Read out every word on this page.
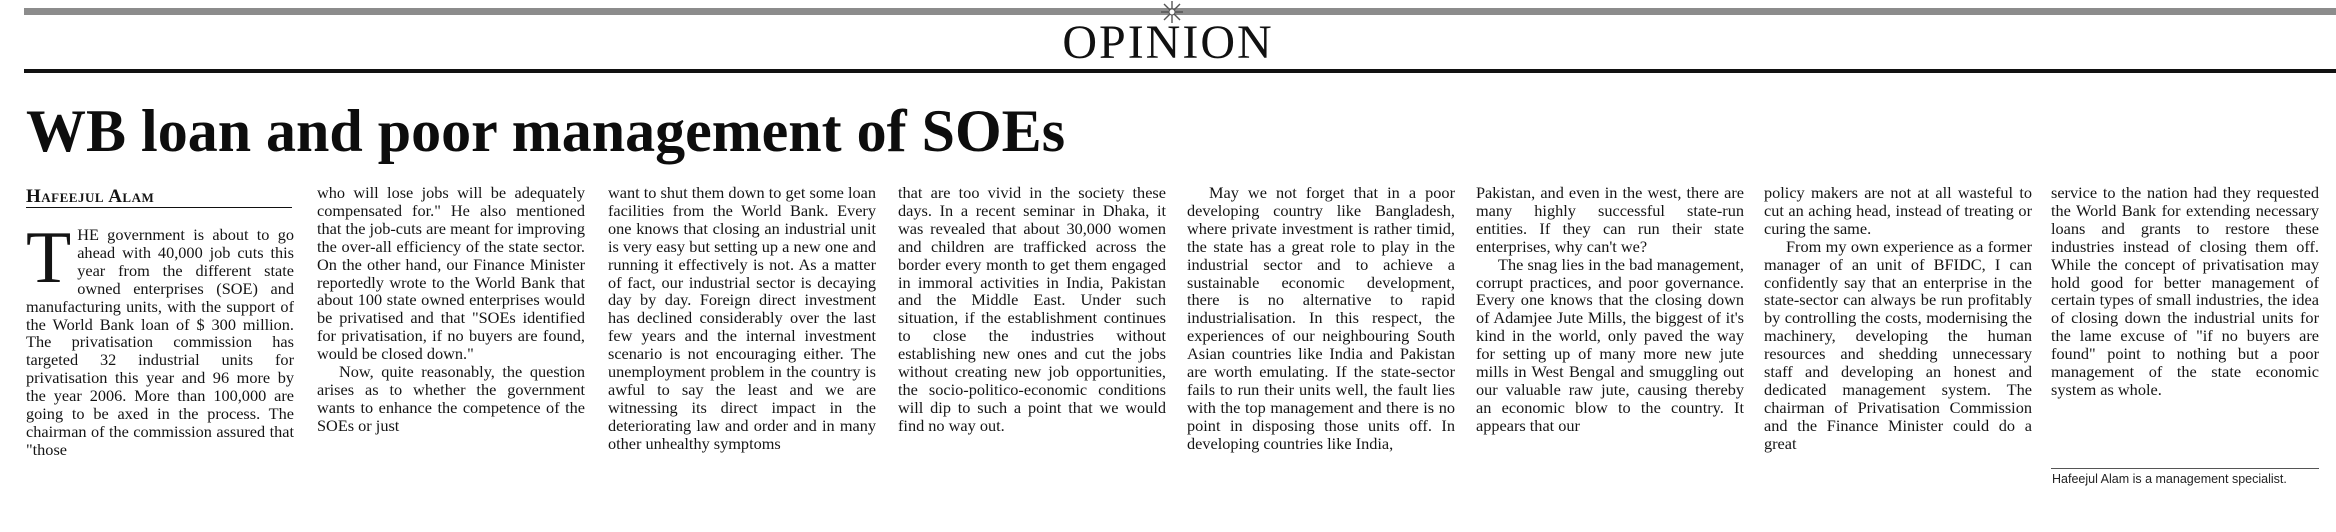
OPINION
WB loan and poor management of SOEs
Hafeejul Alam
T HE government is about to go ahead with 40,000 job cuts this year from the different state owned enterprises (SOE) and manufacturing units, with the support of the World Bank loan of $ 300 million. The privatisation commission has targeted 32 industrial units for privatisation this year and 96 more by the year 2006. More than 100,000 are going to be axed in the process. The chairman of the commission assured that "those

who will lose jobs will be adequately compensated for." He also mentioned that the job-cuts are meant for improving the over-all efficiency of the state sector. On the other hand, our Finance Minister reportedly wrote to the World Bank that about 100 state owned enterprises would be privatised and that "SOEs identified for privatisation, if no buyers are found, would be closed down."

Now, quite reasonably, the question arises as to whether the government wants to enhance the competence of the SOEs or just

want to shut them down to get some loan facilities from the World Bank. Every one knows that closing an industrial unit is very easy but setting up a new one and running it effectively is not. As a matter of fact, our industrial sector is decaying day by day. Foreign direct investment has declined considerably over the last few years and the internal investment scenario is not encouraging either. The unemployment problem in the country is awful to say the least and we are witnessing its direct impact in the deteriorating law and order and in many other unhealthy symptoms

that are too vivid in the society these days. In a recent seminar in Dhaka, it was revealed that about 30,000 women and children are trafficked across the border every month to get them engaged in immoral activities in India, Pakistan and the Middle East. Under such situation, if the establishment continues to close the industries without establishing new ones and cut the jobs without creating new job opportunities, the socio-politico-economic conditions will dip to such a point that we would find no way out.

May we not forget that in a poor developing country like Bangladesh, where private investment is rather timid, the state has a great role to play in the industrial sector and to achieve a sustainable economic development, there is no alternative to rapid industrialisation. In this respect, the experiences of our neighbouring South Asian countries like India and Pakistan are worth emulating. If the state-sector fails to run their units well, the fault lies with the top management and there is no point in disposing those units off. In developing countries like India,

Pakistan, and even in the west, there are many highly successful state-run entities. If they can run their state enterprises, why can't we?

The snag lies in the bad management, corrupt practices, and poor governance. Every one knows that the closing down of Adamjee Jute Mills, the biggest of it's kind in the world, only paved the way for setting up of many more new jute mills in West Bengal and smuggling out our valuable raw jute, causing thereby an economic blow to the country. It appears that our

policy makers are not at all wasteful to cut an aching head, instead of treating or curing the same.

From my own experience as a former manager of an unit of BFIDC, I can confidently say that an enterprise in the state-sector can always be run profitably by controlling the costs, modernising the machinery, developing the human resources and shedding unnecessary staff and developing an honest and dedicated management system. The chairman of Privatisation Commission and the Finance Minister could do a great

service to the nation had they requested the World Bank for extending necessary loans and grants to restore these industries instead of closing them off. While the concept of privatisation may hold good for better management of certain types of small industries, the idea of closing down the industrial units for the lame excuse of "if no buyers are found" point to nothing but a poor management of the state economic system as whole.

Hafeejul Alam is a management specialist.
